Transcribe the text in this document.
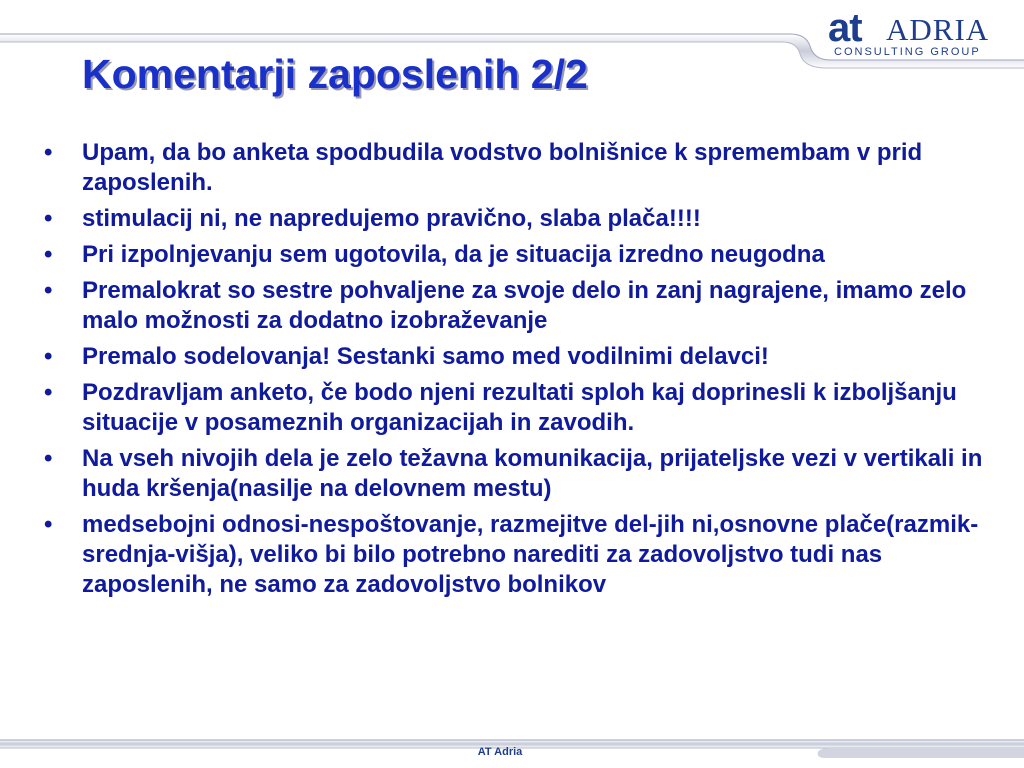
at ADRIA
CONSULTING GROUP
Komentarji zaposlenih 2/2
•	Upam, da bo anketa spodbudila vodstvo bolnišnice k spremembam v prid zaposlenih.
•	stimulacij ni, ne napredujemo pravično, slaba plača!!!!
•	Pri izpolnjevanju sem ugotovila, da je situacija izredno neugodna
•	Premalokrat so sestre pohvaljene za svoje delo in zanj nagrajene, imamo zelo malo možnosti za dodatno izobraževanje
•	Premalo sodelovanja! Sestanki samo med vodilnimi delavci!
•	Pozdravljam anketo, če bodo njeni rezultati sploh kaj doprinesli k izboljšanju situacije v posameznih organizacijah in zavodih.
•	Na vseh nivojih dela je zelo težavna komunikacija, prijateljske vezi v vertikali in huda kršenja(nasilje na delovnem mestu)
•	medsebojni odnosi-nespoštovanje, razmejitve del-jih ni,osnovne plače(razmik-srednja-višja), veliko bi bilo potrebno narediti za zadovoljstvo tudi nas zaposlenih, ne samo za zadovoljstvo bolnikov
AT Adria
